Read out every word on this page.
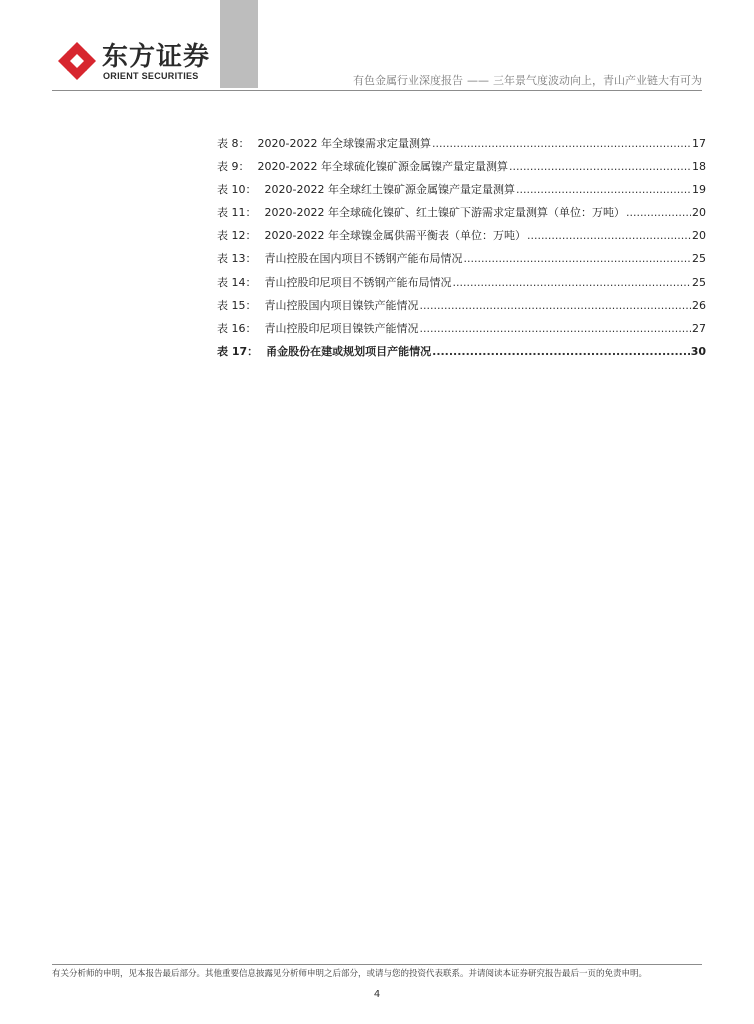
东方证券
ORIENT SECURITIES	有色金属行业深度报告 —— 三年景气度波动向上，青山产业链大有可为
表 8： 2020-2022 年全球镍需求定量测算 .....	17
表 9： 2020-2022 年全球硫化镍矿源金属镍产量定量测算 .....	18
表 10： 2020-2022 年全球红土镍矿源金属镍产量定量测算 .....	19
表 11： 2020-2022 年全球硫化镍矿、红土镍矿下游需求定量测算（单位：万吨） .....	20
表 12： 2020-2022 年全球镍金属供需平衡表（单位：万吨） .....	20
表 13： 青山控股在国内项目不锈钢产能布局情况 .....	25
表 14： 青山控股印尼项目不锈钢产能布局情况 .....	25
表 15： 青山控股国内项目镍铁产能情况 .....	26
表 16： 青山控股印尼项目镍铁产能情况 .....	27
表 17： 甬金股份在建或规划项目产能情况 .....	30
有关分析师的申明，见本报告最后部分。其他重要信息披露见分析师申明之后部分，或请与您的投资代表联系。并请阅读本证券研究报告最后一页的免责申明。
4
